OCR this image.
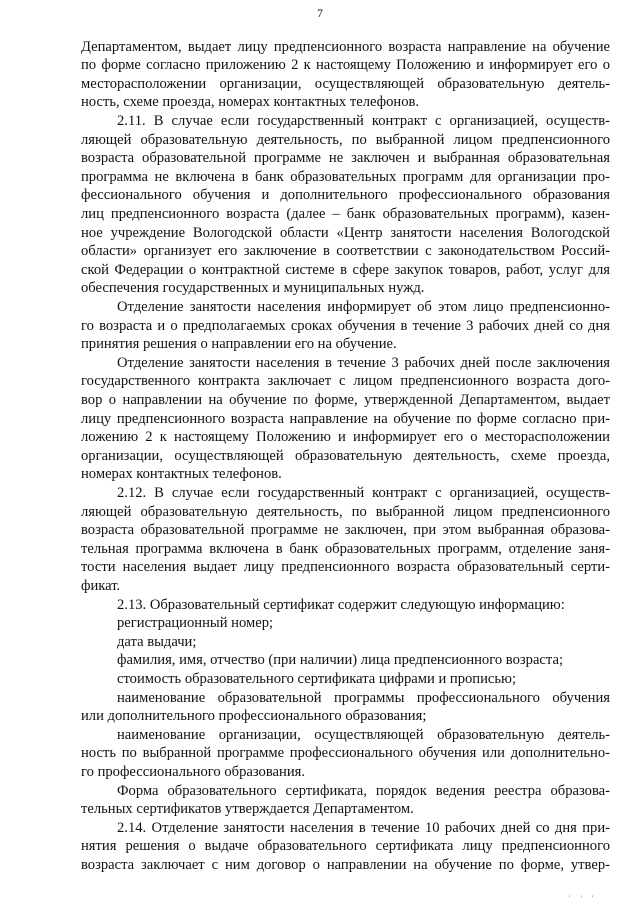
7
Департаментом, выдает лицу предпенсионного возраста направление на обучение
по форме согласно приложению 2 к настоящему Положению и информирует его о
месторасположении организации, осуществляющей образовательную деятель-
ность, схеме проезда, номерах контактных телефонов.
2.11. В случае если государственный контракт с организацией, осуществ-
ляющей образовательную деятельность, по выбранной лицом предпенсионного
возраста образовательной программе не заключен и выбранная образовательная
программа не включена в банк образовательных программ для организации про-
фессионального обучения и дополнительного профессионального образования
лиц предпенсионного возраста (далее – банк образовательных программ), казен-
ное учреждение Вологодской области «Центр занятости населения Вологодской
области» организует его заключение в соответствии с законодательством Россий-
ской Федерации о контрактной системе в сфере закупок товаров, работ, услуг для
обеспечения государственных и муниципальных нужд.
Отделение занятости населения информирует об этом лицо предпенсионно-
го возраста и о предполагаемых сроках обучения в течение 3 рабочих дней со дня
принятия решения о направлении его на обучение.
Отделение занятости населения в течение 3 рабочих дней после заключения
государственного контракта заключает с лицом предпенсионного возраста дого-
вор о направлении на обучение по форме, утвержденной Департаментом, выдает
лицу предпенсионного возраста направление на обучение по форме согласно при-
ложению 2 к настоящему Положению и информирует его о месторасположении
организации, осуществляющей образовательную деятельность, схеме проезда,
номерах контактных телефонов.
2.12. В случае если государственный контракт с организацией, осуществ-
ляющей образовательную деятельность, по выбранной лицом предпенсионного
возраста образовательной программе не заключен, при этом выбранная образова-
тельная программа включена в банк образовательных программ, отделение заня-
тости населения выдает лицу предпенсионного возраста образовательный серти-
фикат.
2.13. Образовательный сертификат содержит следующую информацию:
регистрационный номер;
дата выдачи;
фамилия, имя, отчество (при наличии) лица предпенсионного возраста;
стоимость образовательного сертификата цифрами и прописью;
наименование образовательной программы профессионального обучения
или дополнительного профессионального образования;
наименование организации, осуществляющей образовательную деятель-
ность по выбранной программе профессионального обучения или дополнительно-
го профессионального образования.
Форма образовательного сертификата, порядок ведения реестра образова-
тельных сертификатов утверждается Департаментом.
2.14. Отделение занятости населения в течение 10 рабочих дней со дня при-
нятия решения о выдаче образовательного сертификата лицу предпенсионного
возраста заключает с ним договор о направлении на обучение по форме, утвер-
' ' '
